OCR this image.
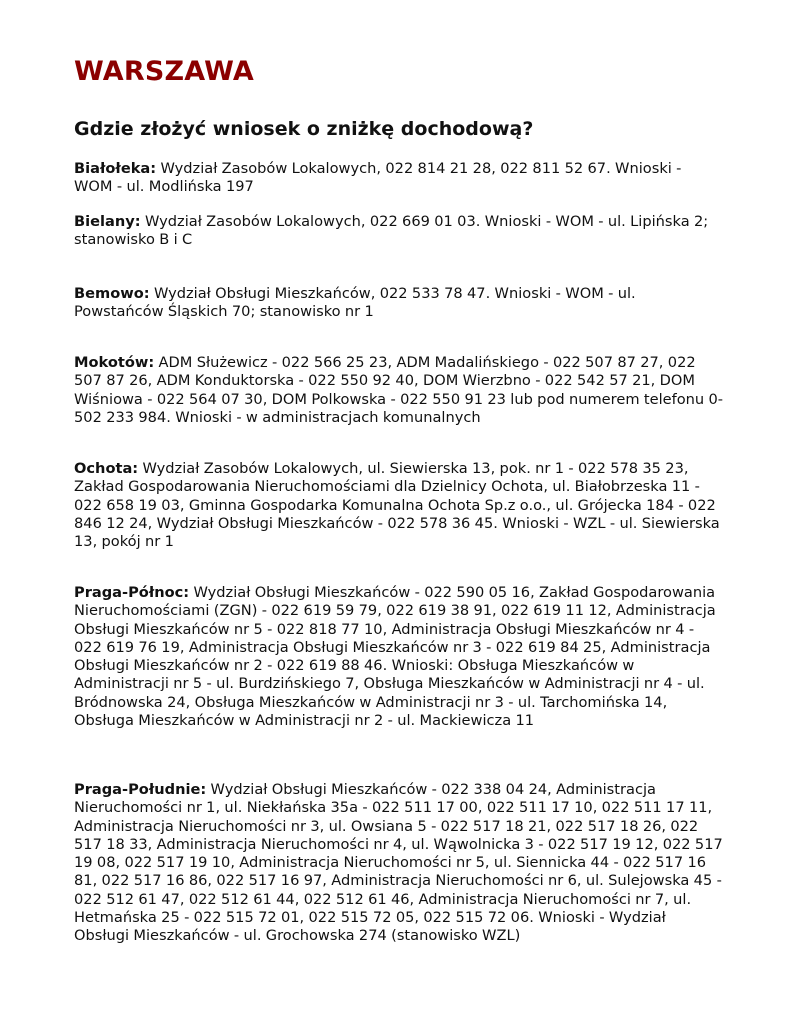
WARSZAWA
Gdzie złożyć wniosek o zniżkę dochodową?

Białołeka: Wydział Zasobów Lokalowych, 022 814 21 28, 022 811 52 67. Wnioski - WOM - ul. Modlińska 197

Bielany: Wydział Zasobów Lokalowych, 022 669 01 03. Wnioski - WOM - ul. Lipińska 2; stanowisko B i C

Bemowo: Wydział Obsługi Mieszkańców, 022 533 78 47. Wnioski - WOM - ul. Powstańców Śląskich 70; stanowisko nr 1

Mokotów: ADM Służewicz - 022 566 25 23, ADM Madalińskiego - 022 507 87 27, 022 507 87 26, ADM Konduktorska - 022 550 92 40, DOM Wierzbno - 022 542 57 21, DOM Wiśniowa - 022 564 07 30, DOM Polkowska - 022 550 91 23 lub pod numerem telefonu 0-502 233 984. Wnioski - w administracjach komunalnych

Ochota: Wydział Zasobów Lokalowych, ul. Siewierska 13, pok. nr 1 - 022 578 35 23, Zakład Gospodarowania Nieruchomościami dla Dzielnicy Ochota, ul. Białobrzeska 11 - 022 658 19 03, Gminna Gospodarka Komunalna Ochota Sp.z o.o., ul. Grójecka 184 - 022 846 12 24, Wydział Obsługi Mieszkańców - 022 578 36 45. Wnioski - WZL - ul. Siewierska 13, pokój nr 1

Praga-Północ: Wydział Obsługi Mieszkańców - 022 590 05 16, Zakład Gospodarowania Nieruchomościami (ZGN) - 022 619 59 79, 022 619 38 91, 022 619 11 12, Administracja Obsługi Mieszkańców nr 5 - 022 818 77 10, Administracja Obsługi Mieszkańców nr 4 - 022 619 76 19, Administracja Obsługi Mieszkańców nr 3 - 022 619 84 25, Administracja Obsługi Mieszkańców nr 2 - 022 619 88 46. Wnioski: Obsługa Mieszkańców w Administracji nr 5 - ul. Burdzińskiego 7, Obsługa Mieszkańców w Administracji nr 4 - ul. Bródnowska 24, Obsługa Mieszkańców w Administracji nr 3 - ul. Tarchomińska 14, Obsługa Mieszkańców w Administracji nr 2 - ul. Mackiewicza 11

Praga-Południe: Wydział Obsługi Mieszkańców - 022 338 04 24, Administracja Nieruchomości nr 1, ul. Niekłańska 35a - 022 511 17 00, 022 511 17 10, 022 511 17 11, Administracja Nieruchomości nr 3, ul. Owsiana 5 - 022 517 18 21, 022 517 18 26, 022 517 18 33, Administracja Nieruchomości nr 4, ul. Wąwolnicka 3 - 022 517 19 12, 022 517 19 08, 022 517 19 10, Administracja Nieruchomości nr 5, ul. Siennicka 44 - 022 517 16 81, 022 517 16 86, 022 517 16 97, Administracja Nieruchomości nr 6, ul. Sulejowska 45 - 022 512 61 47, 022 512 61 44, 022 512 61 46, Administracja Nieruchomości nr 7, ul. Hetmańska 25 - 022 515 72 01, 022 515 72 05, 022 515 72 06. Wnioski - Wydział Obsługi Mieszkańców - ul. Grochowska 274 (stanowisko WZL)
